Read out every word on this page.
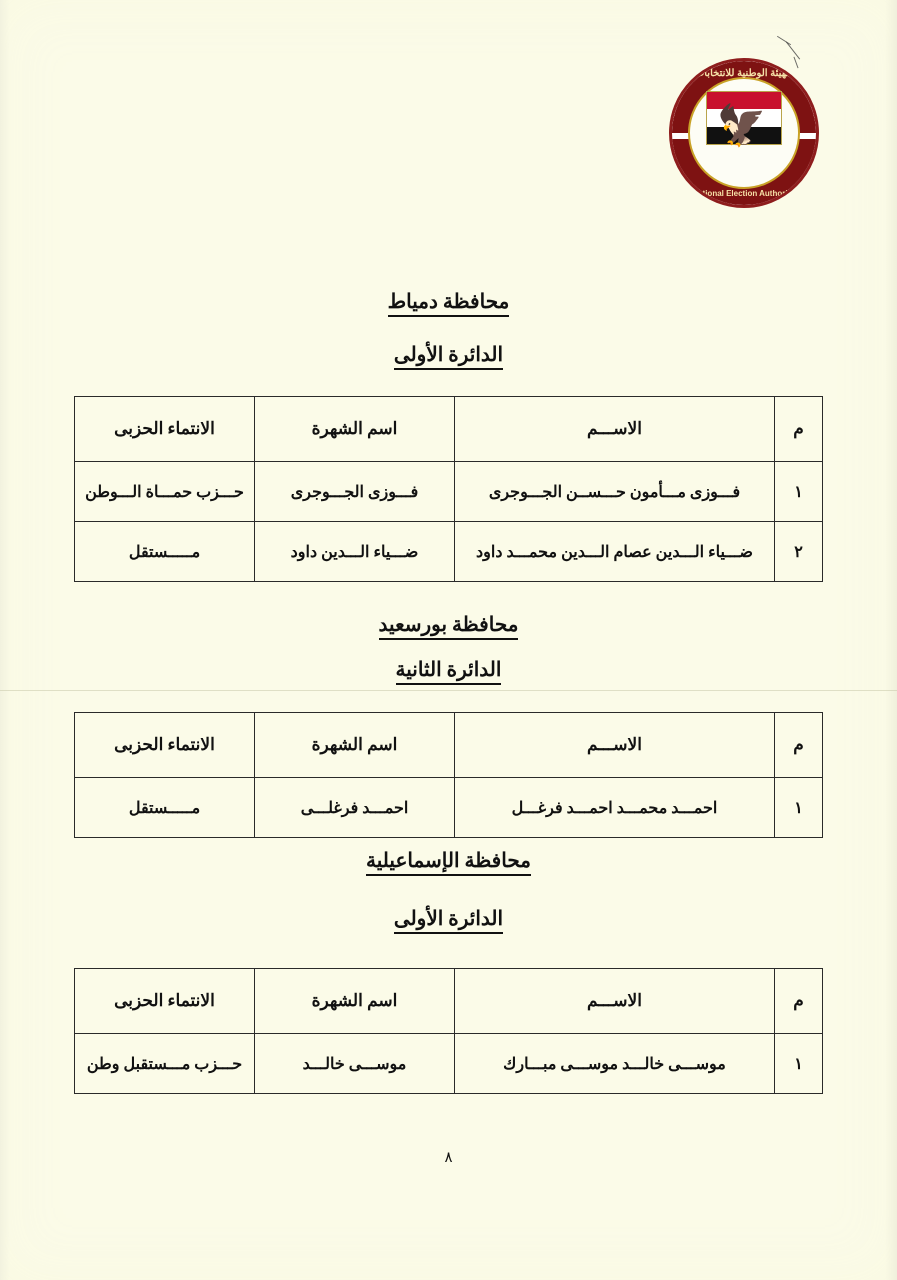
🦅
الهيئة الوطنية للانتخابات
National Election Authority
محافظة دمياط
الدائرة الأولى
م	الاســـم	اسم الشهرة	الانتماء الحزبى
١	فـــوزى مـــأمون حـــســن الجـــوجرى	فـــوزى الجـــوجرى	حـــزب حمـــاة الـــوطن
٢	ضـــياء الـــدين عصام الـــدين محمـــد داود	ضـــياء الـــدين داود	مـــــستقل
محافظة بورسعيد
الدائرة الثانية
م	الاســـم	اسم الشهرة	الانتماء الحزبى
١	احمـــد محمـــد احمـــد فرغـــل	احمـــد فرغلـــى	مـــــستقل
محافظة الإسماعيلية
الدائرة الأولى
م	الاســـم	اسم الشهرة	الانتماء الحزبى
١	موســـى خالـــد موســـى مبـــارك	موســـى خالـــد	حـــزب مـــستقبل وطن
٨
